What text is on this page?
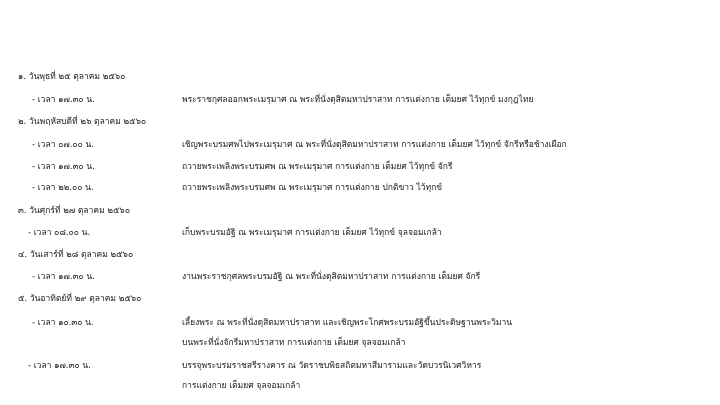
๑. วันพุธที่ ๒๕ ตุลาคม ๒๕๖๐
- เวลา ๑๗.๓๐ น.	พระราชกุศลออกพระเมรุมาศ ณ พระที่นั่งดุสิตมหาปราสาท การแต่งกาย เต็มยศ ไว้ทุกข์ มงกุฎไทย
๒. วันพฤหัสบดีที่ ๒๖ ตุลาคม ๒๕๖๐
- เวลา ๐๗.๐๐ น.	เชิญพระบรมศพไปพระเมรุมาศ ณ พระที่นั่งดุสิตมหาปราสาท การแต่งกาย เต็มยศ ไว้ทุกข์ จักรีหรือช้างเผือก
- เวลา ๑๗.๓๐ น.	ถวายพระเพลิงพระบรมศพ ณ พระเมรุมาศ การแต่งกาย เต็มยศ ไว้ทุกข์ จักรี
- เวลา ๒๒.๐๐ น.	ถวายพระเพลิงพระบรมศพ ณ พระเมรุมาศ การแต่งกาย ปกติขาว ไว้ทุกข์
๓. วันศุกร์ที่ ๒๗ ตุลาคม ๒๕๖๐
- เวลา ๐๘.๐๐ น.	เก็บพระบรมอัฐิ ณ พระเมรุมาศ การแต่งกาย เต็มยศ ไว้ทุกข์ จุลจอมเกล้า
๔. วันเสาร์ที่ ๒๘ ตุลาคม ๒๕๖๐
- เวลา ๑๗.๓๐ น.	งานพระราชกุศลพระบรมอัฐิ ณ พระที่นั่งดุสิตมหาปราสาท การแต่งกาย เต็มยศ จักรี
๕. วันอาทิตย์ที่ ๒๙ ตุลาคม ๒๕๖๐
- เวลา ๑๐.๓๐ น.	เลี้ยงพระ ณ พระที่นั่งดุสิตมหาปราสาท และเชิญพระโกศพระบรมอัฐิขึ้นประดิษฐานพระวิมาน
บนพระที่นั่งจักรีมหาปราสาท การแต่งกาย เต็มยศ จุลจอมเกล้า
- เวลา ๑๗.๓๐ น.	บรรจุพระบรมราชสรีรางคาร ณ วัดราชบพิธสถิตมหาสีมารามและวัดบวรนิเวศวิหาร
การแต่งกาย เต็มยศ จุลจอมเกล้า
